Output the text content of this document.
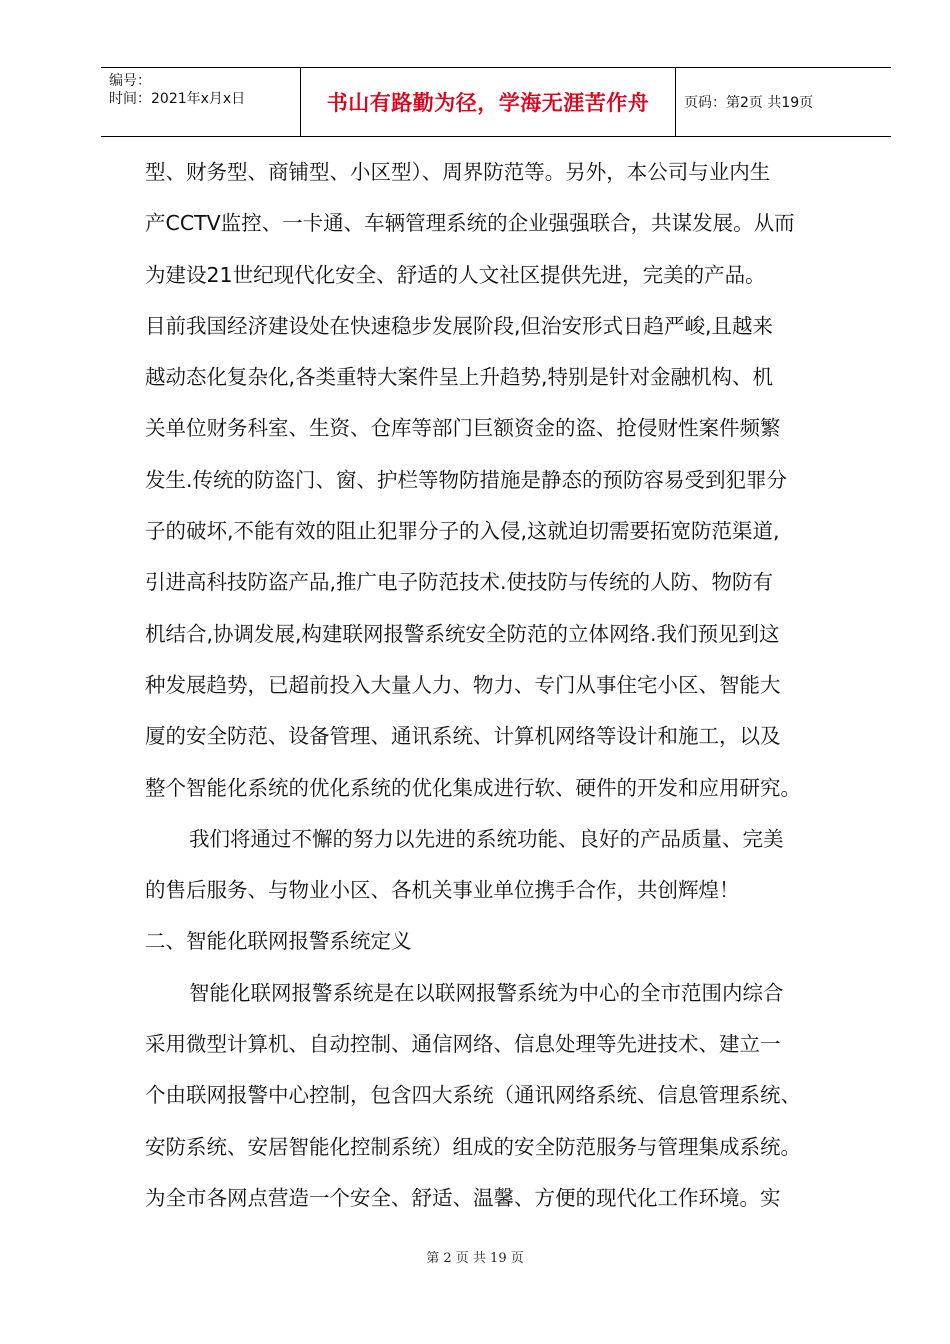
编号：
时间：2021年x月x日	书山有路勤为径，学海无涯苦作舟 页码：第2页 共19页
型、财务型、商铺型、小区型）、周界防范等。另外，本公司与业内生
产CCTV监控、一卡通、车辆管理系统的企业强强联合，共谋发展。从而
为建设21世纪现代化安全、舒适的人文社区提供先进，完美的产品。
目前我国经济建设处在快速稳步发展阶段,但治安形式日趋严峻,且越来
越动态化复杂化,各类重特大案件呈上升趋势,特别是针对金融机构、机
关单位财务科室、生资、仓库等部门巨额资金的盗、抢侵财性案件频繁
发生.传统的防盗门、窗、护栏等物防措施是静态的预防容易受到犯罪分
子的破坏,不能有效的阻止犯罪分子的入侵,这就迫切需要拓宽防范渠道,
引进高科技防盗产品,推广电子防范技术.使技防与传统的人防、物防有
机结合,协调发展,构建联网报警系统安全防范的立体网络.我们预见到这
种发展趋势，已超前投入大量人力、物力、专门从事住宅小区、智能大
厦的安全防范、设备管理、通讯系统、计算机网络等设计和施工，以及
整个智能化系统的优化系统的优化集成进行软、硬件的开发和应用研究。
我们将通过不懈的努力以先进的系统功能、良好的产品质量、完美
的售后服务、与物业小区、各机关事业单位携手合作，共创辉煌！
二、智能化联网报警系统定义
智能化联网报警系统是在以联网报警系统为中心的全市范围内综合
采用微型计算机、自动控制、通信网络、信息处理等先进技术、建立一
个由联网报警中心控制，包含四大系统（通讯网络系统、信息管理系统、
安防系统、安居智能化控制系统）组成的安全防范服务与管理集成系统。
为全市各网点营造一个安全、舒适、温馨、方便的现代化工作环境。实
第 2 页 共 19 页
